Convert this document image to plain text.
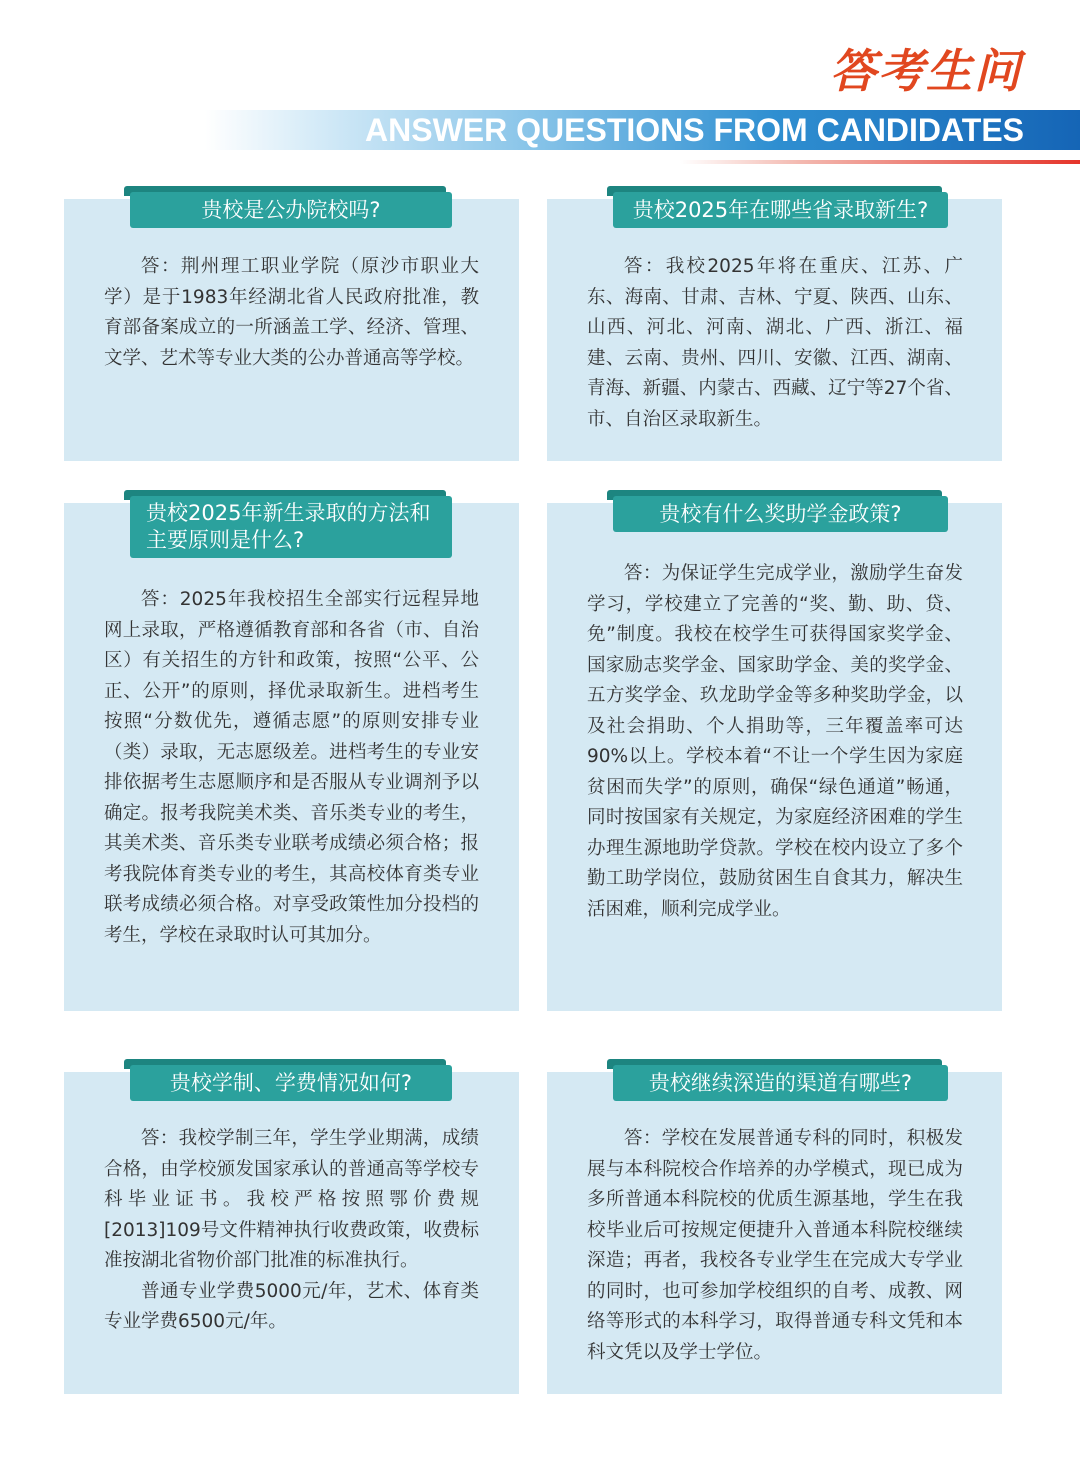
答考生问
ANSWER QUESTIONS FROM CANDIDATES
贵校是公办院校吗?

答：荆州理工职业学院（原沙市职业大学）是于1983年经湖北省人民政府批准，教育部备案成立的一所涵盖工学、经济、管理、文学、艺术等专业大类的公办普通高等学校。

贵校2025年在哪些省录取新生?

答：我校2025年将在重庆、江苏、广东、海南、甘肃、吉林、宁夏、陕西、山东、山西、河北、河南、湖北、广西、浙江、福建、云南、贵州、四川、安徽、江西、湖南、青海、新疆、内蒙古、西藏、辽宁等27个省、市、自治区录取新生。

贵校2025年新生录取的方法和主要原则是什么?

答：2025年我校招生全部实行远程异地网上录取，严格遵循教育部和各省（市、自治区）有关招生的方针和政策，按照“公平、公正、公开”的原则，择优录取新生。进档考生按照“分数优先，遵循志愿”的原则安排专业（类）录取，无志愿级差。进档考生的专业安排依据考生志愿顺序和是否服从专业调剂予以确定。报考我院美术类、音乐类专业的考生，其美术类、音乐类专业联考成绩必须合格；报考我院体育类专业的考生，其高校体育类专业联考成绩必须合格。对享受政策性加分投档的考生，学校在录取时认可其加分。

贵校有什么奖助学金政策?

答：为保证学生完成学业，激励学生奋发学习，学校建立了完善的“奖、勤、助、贷、免”制度。我校在校学生可获得国家奖学金、国家励志奖学金、国家助学金、美的奖学金、五方奖学金、玖龙助学金等多种奖助学金，以及社会捐助、个人捐助等，三年覆盖率可达90%以上。学校本着“不让一个学生因为家庭贫困而失学”的原则，确保“绿色通道”畅通，同时按国家有关规定，为家庭经济困难的学生办理生源地助学贷款。学校在校内设立了多个勤工助学岗位，鼓励贫困生自食其力，解决生活困难，顺利完成学业。

贵校学制、学费情况如何?

答：我校学制三年，学生学业期满，成绩合格，由学校颁发国家承认的普通高等学校专科毕业证书。我校严格按照鄂价费规[2013]109号文件精神执行收费政策，收费标准按湖北省物价部门批准的标准执行。

普通专业学费5000元/年，艺术、体育类专业学费6500元/年。

贵校继续深造的渠道有哪些?

答：学校在发展普通专科的同时，积极发展与本科院校合作培养的办学模式，现已成为多所普通本科院校的优质生源基地，学生在我校毕业后可按规定便捷升入普通本科院校继续深造；再者，我校各专业学生在完成大专学业的同时，也可参加学校组织的自考、成教、网络等形式的本科学习，取得普通专科文凭和本科文凭以及学士学位。
